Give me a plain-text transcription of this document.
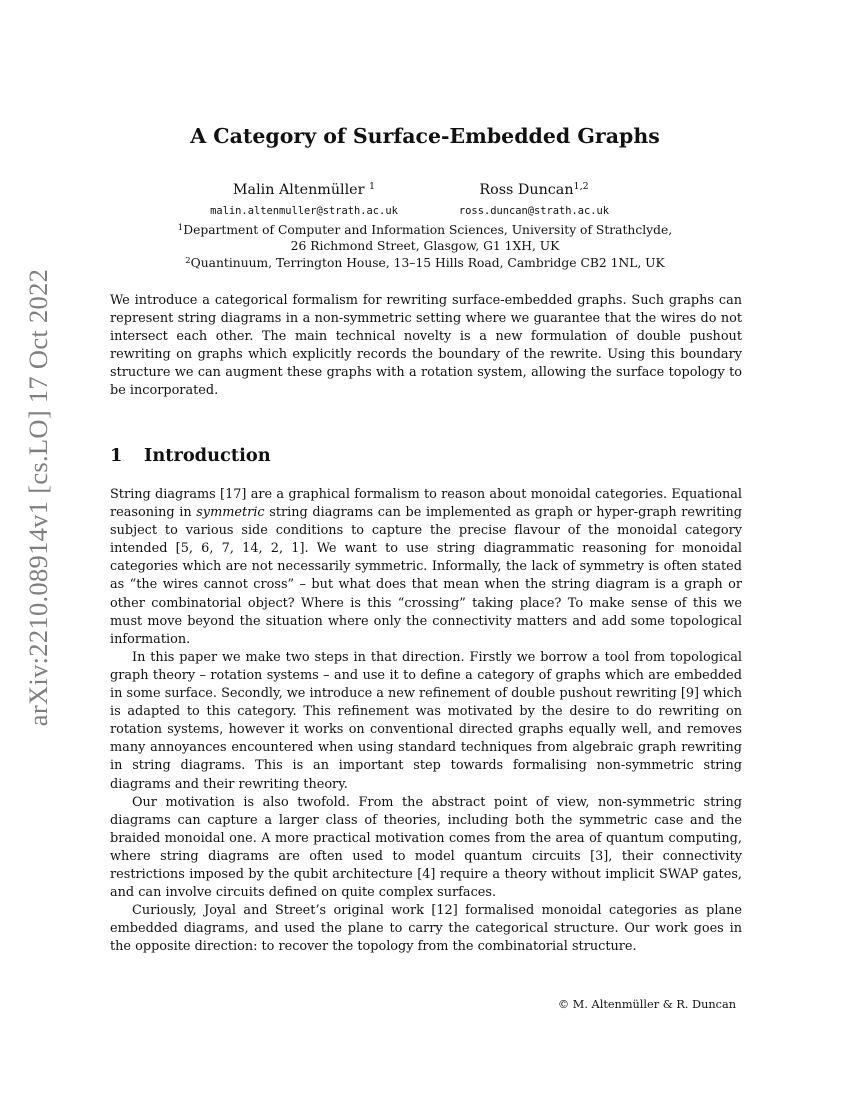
arXiv:2210.08914v1 [cs.LO] 17 Oct 2022
A Category of Surface-Embedded Graphs
Malin Altenmüller $^1$
malin.altenmuller@strath.ac.uk
Ross Duncan$^{1,2}$
ross.duncan@strath.ac.uk
$^1$Department of Computer and Information Sciences, University of Strathclyde,
26 Richmond Street, Glasgow, G1 1XH, UK
$^2$Quantinuum, Terrington House, 13–15 Hills Road, Cambridge CB2 1NL, UK

We introduce a categorical formalism for rewriting surface-embedded graphs. Such graphs can represent string diagrams in a non-symmetric setting where we guarantee that the wires do not intersect each other. The main technical novelty is a new formulation of double pushout rewriting on graphs which explicitly records the boundary of the rewrite. Using this boundary structure we can augment these graphs with a rotation system, allowing the surface topology to be incorporated.

1 Introduction

String diagrams [17] are a graphical formalism to reason about monoidal categories. Equational reasoning in symmetric string diagrams can be implemented as graph or hyper-graph rewriting subject to various side conditions to capture the precise flavour of the monoidal category intended [5, 6, 7, 14, 2, 1]. We want to use string diagrammatic reasoning for monoidal categories which are not necessarily symmetric. Informally, the lack of symmetry is often stated as “the wires cannot cross” – but what does that mean when the string diagram is a graph or other combinatorial object? Where is this “crossing” taking place? To make sense of this we must move beyond the situation where only the connectivity matters and add some topological information.

In this paper we make two steps in that direction. Firstly we borrow a tool from topological graph theory – rotation systems – and use it to define a category of graphs which are embedded in some surface. Secondly, we introduce a new refinement of double pushout rewriting [9] which is adapted to this category. This refinement was motivated by the desire to do rewriting on rotation systems, however it works on conventional directed graphs equally well, and removes many annoyances encountered when using standard techniques from algebraic graph rewriting in string diagrams. This is an important step towards formalising non-symmetric string diagrams and their rewriting theory.

Our motivation is also twofold. From the abstract point of view, non-symmetric string diagrams can capture a larger class of theories, including both the symmetric case and the braided monoidal one. A more practical motivation comes from the area of quantum computing, where string diagrams are often used to model quantum circuits [3], their connectivity restrictions imposed by the qubit architecture [4] require a theory without implicit SWAP gates, and can involve circuits defined on quite complex surfaces.

Curiously, Joyal and Street’s original work [12] formalised monoidal categories as plane embedded diagrams, and used the plane to carry the categorical structure. Our work goes in the opposite direction: to recover the topology from the combinatorial structure.

© M. Altenmüller & R. Duncan
